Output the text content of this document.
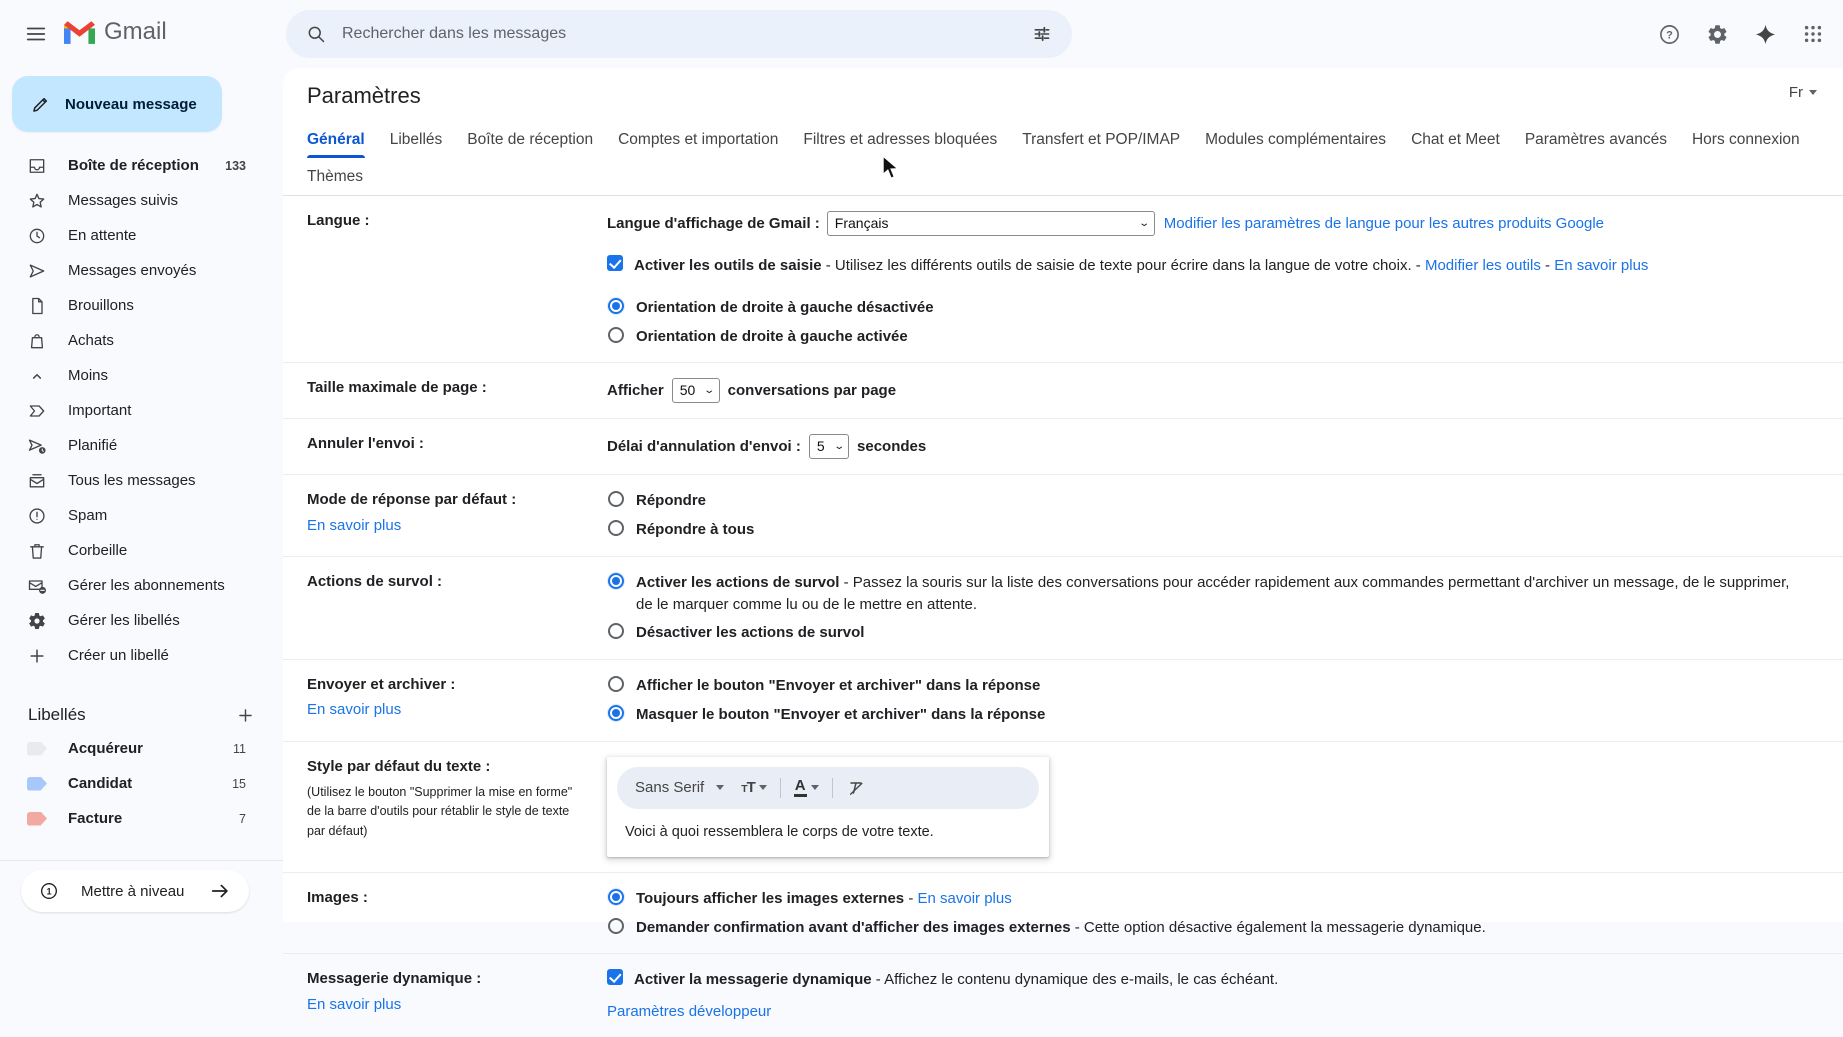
Gmail	Rechercher dans les messages	?
Nouveau message
Boîte de réception	133
Messages suivis
En attente
Messages envoyés
Brouillons
Achats
Moins
Important
Planifié
Tous les messages
Spam
Corbeille
Gérer les abonnements
Gérer les libellés
Créer un libellé
Libellés
Acquéreur	11
Candidat	15
Facture	7
1 Mettre à niveau
Fr
Paramètres
Général Libellés Boîte de réception Comptes et importation Filtres et adresses bloquées Transfert et POP/IMAP Modules complémentaires Chat et Meet Paramètres avancés Hors connexion
Thèmes
Langue :	Langue d'affichage de Gmail : Français	⌄ Modifier les paramètres de langue pour les autres produits Google
Activer les outils de saisie - Utilisez les différents outils de saisie de texte pour écrire dans la langue de votre choix. - Modifier les outils - En savoir plus
Orientation de droite à gauche désactivée
Orientation de droite à gauche activée
Taille maximale de page :	Afficher 50 ⌄ conversations par page
Annuler l'envoi :	Délai d'annulation d'envoi : 5 ⌄ secondes
Mode de réponse par défaut :
En savoir plus
Répondre
Répondre à tous
Actions de survol :	Activer les actions de survol - Passez la souris sur la liste des conversations pour accéder rapidement aux commandes permettant d'archiver un message, de le supprimer, de le marquer comme lu ou de le mettre en attente.
Désactiver les actions de survol
Envoyer et archiver :
En savoir plus
Afficher le bouton "Envoyer et archiver" dans la réponse
Masquer le bouton "Envoyer et archiver" dans la réponse
Style par défaut du texte :
(Utilisez le bouton "Supprimer la mise en forme" de la barre d'outils pour rétablir le style de texte par défaut)
Sans Serif	TT	A
Voici à quoi ressemblera le corps de votre texte.
Images :	Toujours afficher les images externes - En savoir plus
Demander confirmation avant d'afficher des images externes - Cette option désactive également la messagerie dynamique.
Messagerie dynamique :
En savoir plus
Activer la messagerie dynamique - Affichez le contenu dynamique des e-mails, le cas échéant.
Paramètres développeur
